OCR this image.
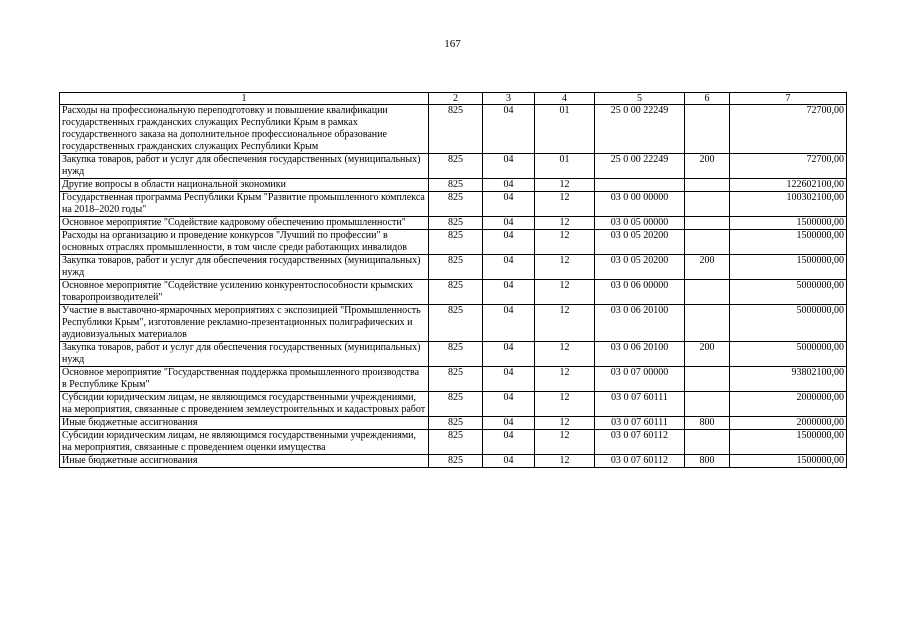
167
1	2	3	4	5	6	7
Расходы на профессиональную переподготовку и повышение квалификации государственных гражданских служащих Республики Крым в рамках государственного заказа на дополнительное профессиональное образование государственных гражданских служащих Республики Крым	825	04	01	25 0 00 22249		72700,00
Закупка товаров, работ и услуг для обеспечения государственных (муниципальных) нужд	825	04	01	25 0 00 22249	200	72700,00
Другие вопросы в области национальной экономики	825	04	12			122602100,00
Государственная программа Республики Крым "Развитие промышленного комплекса на 2018–2020 годы"	825	04	12	03 0 00 00000		100302100,00
Основное мероприятие "Содействие кадровому обеспечению промышленности"	825	04	12	03 0 05 00000		1500000,00
Расходы на организацию и проведение конкурсов "Лучший по профессии" в основных отраслях промышленности, в том числе среди работающих инвалидов	825	04	12	03 0 05 20200		1500000,00
Закупка товаров, работ и услуг для обеспечения государственных (муниципальных) нужд	825	04	12	03 0 05 20200	200	1500000,00
Основное мероприятие "Содействие усилению конкурентоспособности крымских товаропроизводителей"	825	04	12	03 0 06 00000		5000000,00
Участие в выставочно-ярмарочных мероприятиях с экспозицией "Промышленность Республики Крым", изготовление рекламно-презентационных полиграфических и аудиовизуальных материалов	825	04	12	03 0 06 20100		5000000,00
Закупка товаров, работ и услуг для обеспечения государственных (муниципальных) нужд	825	04	12	03 0 06 20100	200	5000000,00
Основное мероприятие "Государственная поддержка промышленного производства в Республике Крым"	825	04	12	03 0 07 00000		93802100,00
Субсидии юридическим лицам, не являющимся государственными учреждениями, на мероприятия, связанные с проведением землеустроительных и кадастровых работ	825	04	12	03 0 07 60111		2000000,00
Иные бюджетные ассигнования	825	04	12	03 0 07 60111	800	2000000,00
Субсидии юридическим лицам, не являющимся государственными учреждениями, на мероприятия, связанные с проведением оценки имущества	825	04	12	03 0 07 60112		1500000,00
Иные бюджетные ассигнования	825	04	12	03 0 07 60112	800	1500000,00
